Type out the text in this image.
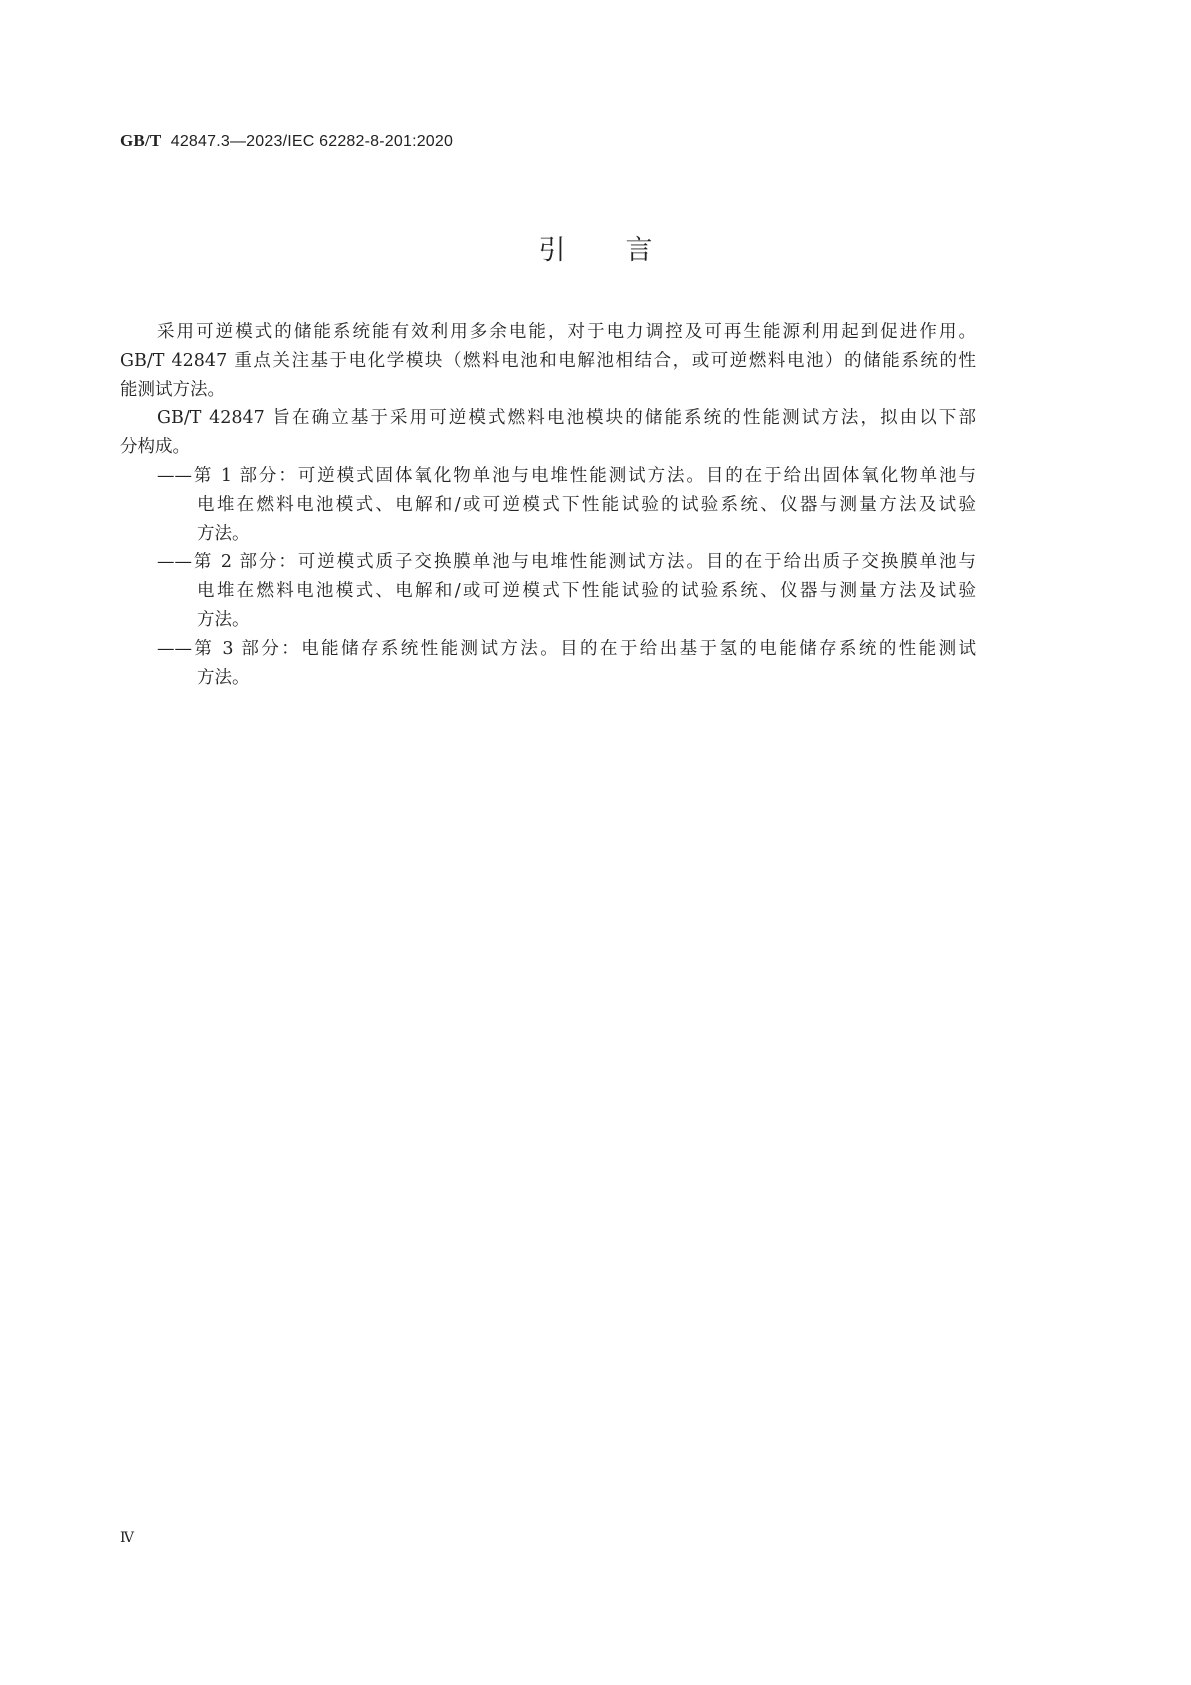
GB/T 42847.3—2023/IEC 62282-8-201:2020
引言
采用可逆模式的储能系统能有效利用多余电能，对于电力调控及可再生能源利用起到促进作用。
GB/T 42847 重点关注基于电化学模块（燃料电池和电解池相结合，或可逆燃料电池）的储能系统的性
能测试方法。
GB/T 42847 旨在确立基于采用可逆模式燃料电池模块的储能系统的性能测试方法，拟由以下部
分构成。
——第 1 部分：可逆模式固体氧化物单池与电堆性能测试方法。目的在于给出固体氧化物单池与
电堆在燃料电池模式、电解和/或可逆模式下性能试验的试验系统、仪器与测量方法及试验
方法。
——第 2 部分：可逆模式质子交换膜单池与电堆性能测试方法。目的在于给出质子交换膜单池与
电堆在燃料电池模式、电解和/或可逆模式下性能试验的试验系统、仪器与测量方法及试验
方法。
——第 3 部分：电能储存系统性能测试方法。目的在于给出基于氢的电能储存系统的性能测试
方法。
Ⅳ
